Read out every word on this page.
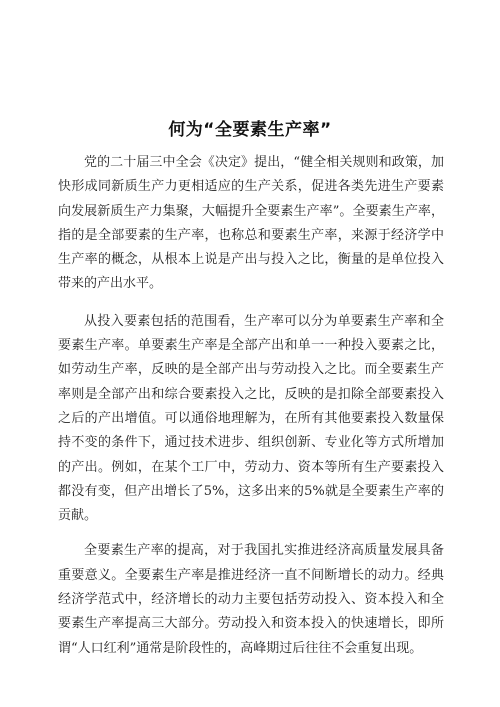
何为“全要素生产率”

党的二十届三中全会《决定》提出，“健全相关规则和政策，加快形成同新质生产力更相适应的生产关系，促进各类先进生产要素向发展新质生产力集聚，大幅提升全要素生产率”。全要素生产率，指的是全部要素的生产率，也称总和要素生产率，来源于经济学中生产率的概念，从根本上说是产出与投入之比，衡量的是单位投入带来的产出水平。

从投入要素包括的范围看，生产率可以分为单要素生产率和全要素生产率。单要素生产率是全部产出和单一一种投入要素之比，如劳动生产率，反映的是全部产出与劳动投入之比。而全要素生产率则是全部产出和综合要素投入之比，反映的是扣除全部要素投入之后的产出增值。可以通俗地理解为，在所有其他要素投入数量保持不变的条件下，通过技术进步、组织创新、专业化等方式所增加的产出。例如，在某个工厂中，劳动力、资本等所有生产要素投入都没有变，但产出增长了5%，这多出来的5%就是全要素生产率的贡献。

全要素生产率的提高，对于我国扎实推进经济高质量发展具备重要意义。全要素生产率是推进经济一直不间断增长的动力。经典经济学范式中，经济增长的动力主要包括劳动投入、资本投入和全要素生产率提高三大部分。劳动投入和资本投入的快速增长，即所谓“人口红利”通常是阶段性的，高峰期过后往往不会重复出现。
